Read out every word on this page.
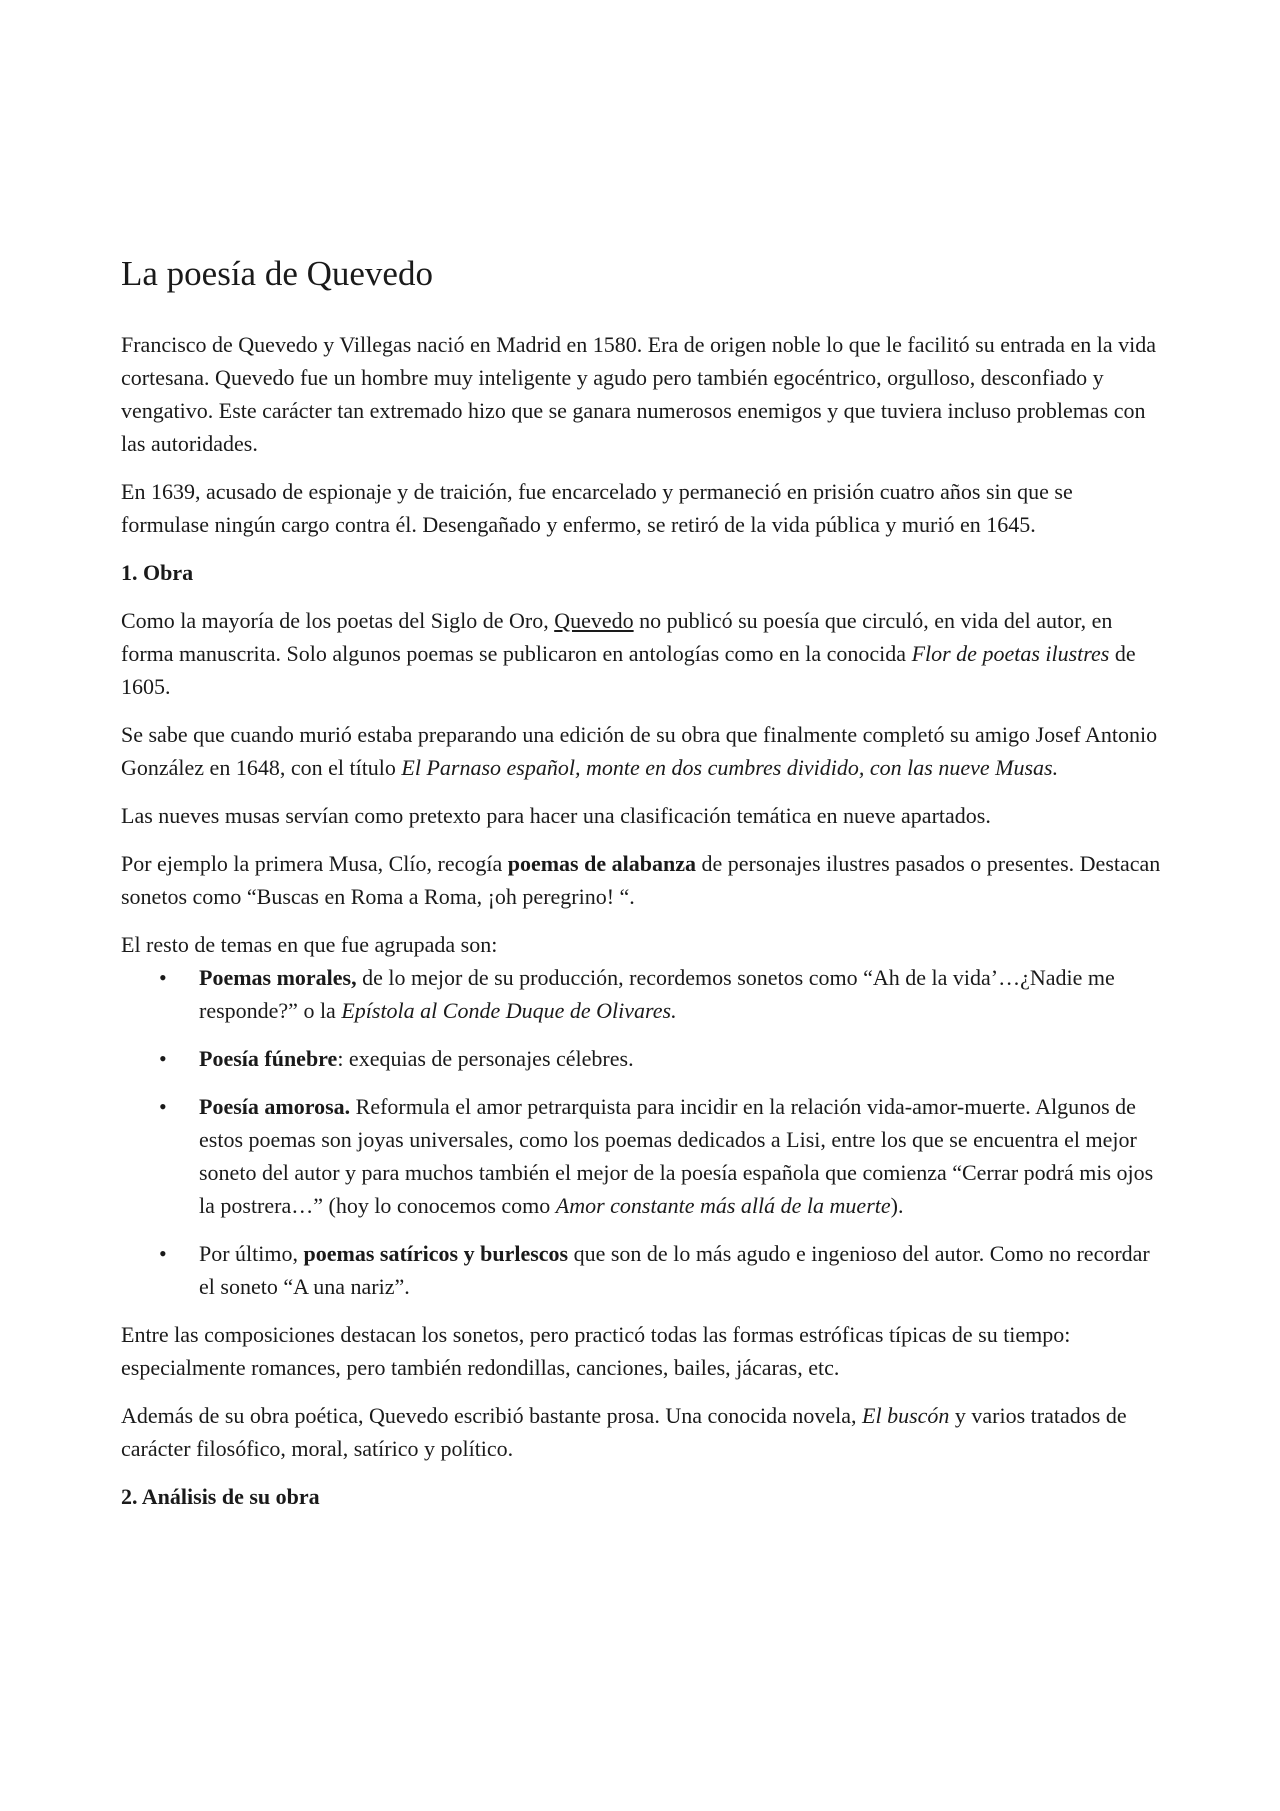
La poesía de Quevedo

Francisco de Quevedo y Villegas nació en Madrid en 1580. Era de origen noble lo que le facilitó su entrada en la vida cortesana. Quevedo fue un hombre muy inteligente y agudo pero también egocéntrico, orgulloso, desconfiado y vengativo. Este carácter tan extremado hizo que se ganara numerosos enemigos y que tuviera incluso problemas con las autoridades.

En 1639, acusado de espionaje y de traición, fue encarcelado y permaneció en prisión cuatro años sin que se formulase ningún cargo contra él. Desengañado y enfermo, se retiró de la vida pública y murió en 1645.

1. Obra

Como la mayoría de los poetas del Siglo de Oro, Quevedo no publicó su poesía que circuló, en vida del autor, en forma manuscrita. Solo algunos poemas se publicaron en antologías como en la conocida Flor de poetas ilustres de 1605.

Se sabe que cuando murió estaba preparando una edición de su obra que finalmente completó su amigo Josef Antonio González en 1648, con el título El Parnaso español, monte en dos cumbres dividido, con las nueve Musas.

Las nueves musas servían como pretexto para hacer una clasificación temática en nueve apartados.

Por ejemplo la primera Musa, Clío, recogía poemas de alabanza de personajes ilustres pasados o presentes. Destacan sonetos como “Buscas en Roma a Roma, ¡oh peregrino! “.

El resto de temas en que fue agrupada son:

• Poemas morales, de lo mejor de su producción, recordemos sonetos como “Ah de la vida’…¿Nadie me responde?” o la Epístola al Conde Duque de Olivares.
• Poesía fúnebre: exequias de personajes célebres.
• Poesía amorosa. Reformula el amor petrarquista para incidir en la relación vida-amor-muerte. Algunos de estos poemas son joyas universales, como los poemas dedicados a Lisi, entre los que se encuentra el mejor soneto del autor y para muchos también el mejor de la poesía española que comienza “Cerrar podrá mis ojos la postrera…” (hoy lo conocemos como Amor constante más allá de la muerte).
• Por último, poemas satíricos y burlescos que son de lo más agudo e ingenioso del autor. Como no recordar el soneto “A una nariz”.

Entre las composiciones destacan los sonetos, pero practicó todas las formas estróficas típicas de su tiempo: especialmente romances, pero también redondillas, canciones, bailes, jácaras, etc.

Además de su obra poética, Quevedo escribió bastante prosa. Una conocida novela, El buscón y varios tratados de carácter filosófico, moral, satírico y político.

2. Análisis de su obra
